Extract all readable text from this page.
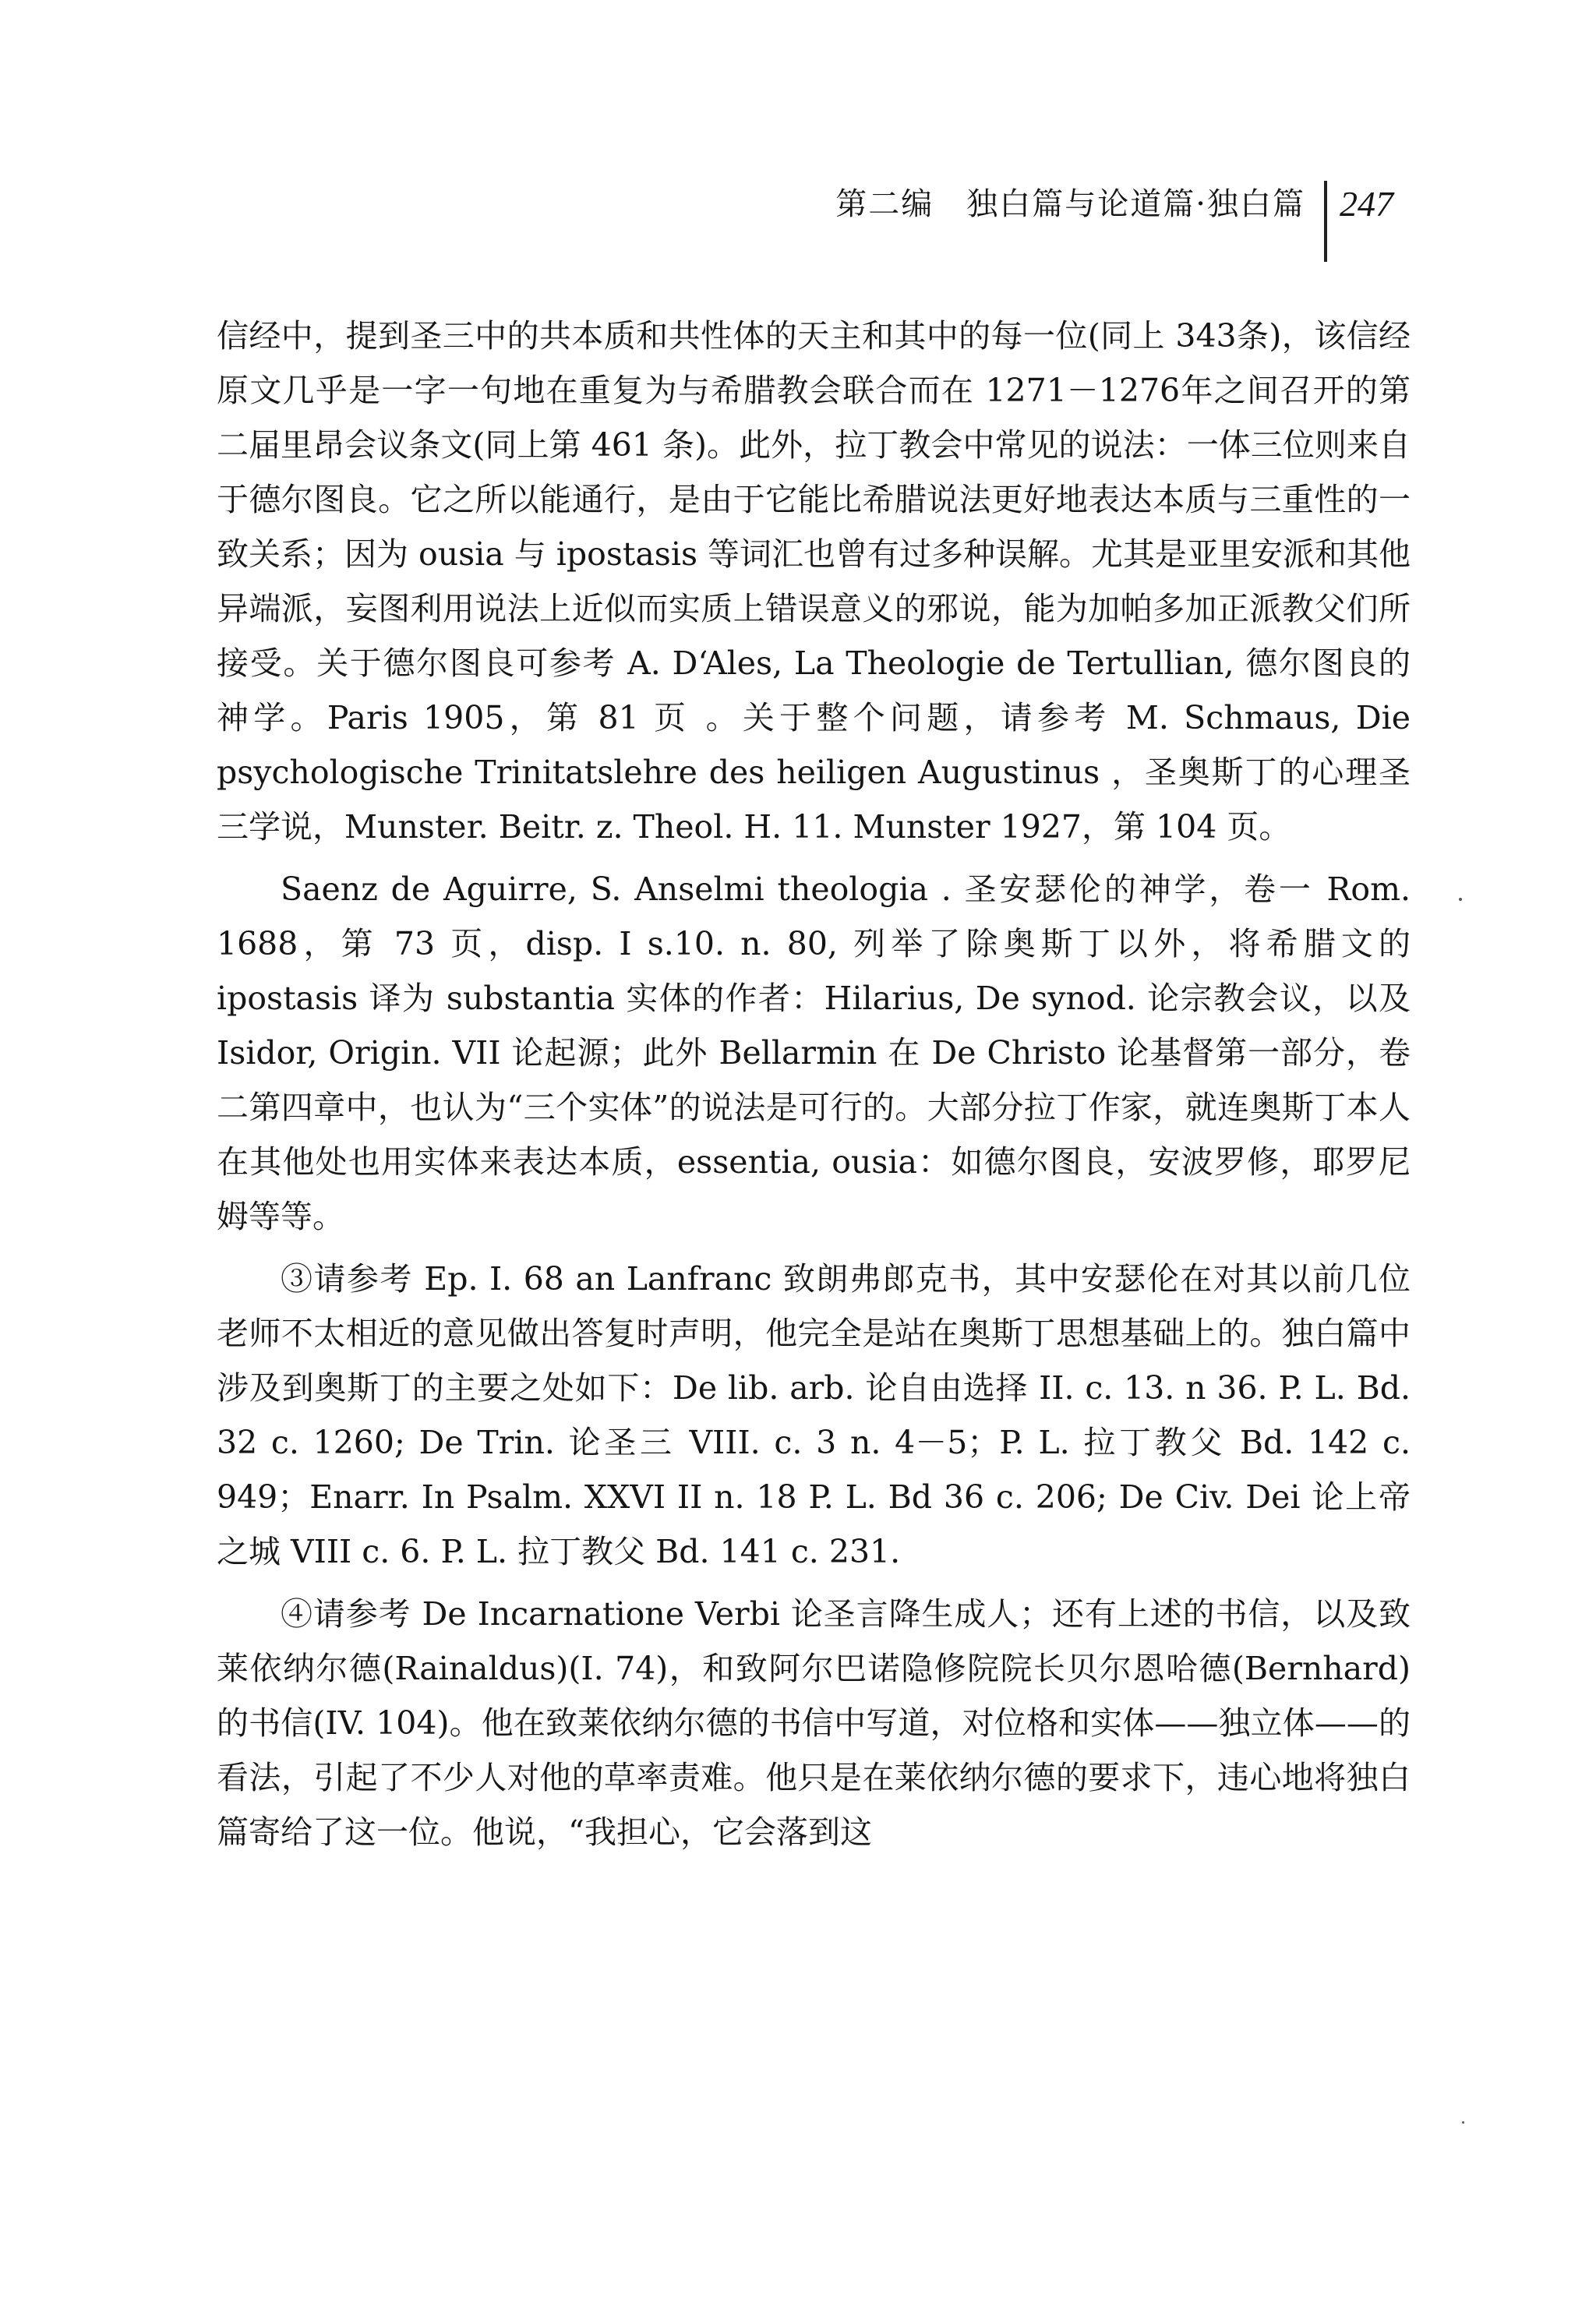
第二编　独白篇与论道篇·独白篇 247

信经中，提到圣三中的共本质和共性体的天主和其中的每一位(同上 343条)，该信经原文几乎是一字一句地在重复为与希腊教会联合而在 1271－1276年之间召开的第二届里昂会议条文(同上第 461 条)。此外，拉丁教会中常见的说法：一体三位则来自于德尔图良。它之所以能通行，是由于它能比希腊说法更好地表达本质与三重性的一致关系；因为 ousia 与 ipostasis 等词汇也曾有过多种误解。尤其是亚里安派和其他异端派，妄图利用说法上近似而实质上错误意义的邪说，能为加帕多加正派教父们所接受。关于德尔图良可参考 A. D‘Ales, La Theologie de Tertullian, 德尔图良的神学。Paris 1905，第 81 页 。关于整个问题，请参考 M. Schmaus, Die psychologische Trinitatslehre des heiligen Augustinus ，圣奥斯丁的心理圣三学说，Munster. Beitr. z. Theol. H. 11. Munster 1927，第 104 页。

Saenz de Aguirre, S. Anselmi theologia . 圣安瑟伦的神学，卷一 Rom. 1688，第 73 页，disp. I s.10. n. 80, 列举了除奥斯丁以外，将希腊文的 ipostasis 译为 substantia 实体的作者：Hilarius, De synod. 论宗教会议，以及 Isidor, Origin. VII 论起源；此外 Bellarmin 在 De Christo 论基督第一部分，卷二第四章中，也认为“三个实体”的说法是可行的。大部分拉丁作家，就连奥斯丁本人在其他处也用实体来表达本质，essentia, ousia：如德尔图良，安波罗修，耶罗尼姆等等。

③请参考 Ep. I. 68 an Lanfranc 致朗弗郎克书，其中安瑟伦在对其以前几位老师不太相近的意见做出答复时声明，他完全是站在奥斯丁思想基础上的。独白篇中涉及到奥斯丁的主要之处如下：De lib. arb. 论自由选择 II. c. 13. n 36. P. L. Bd. 32 c. 1260; De Trin. 论圣三 VIII. c. 3 n. 4－5；P. L. 拉丁教父 Bd. 142 c. 949；Enarr. In Psalm. XXVI II n. 18 P. L. Bd 36 c. 206; De Civ. Dei 论上帝之城 VIII c. 6. P. L. 拉丁教父 Bd. 141 c. 231.

④请参考 De Incarnatione Verbi 论圣言降生成人；还有上述的书信，以及致莱依纳尔德(Rainaldus)(I. 74)，和致阿尔巴诺隐修院院长贝尔恩哈德(Bernhard)的书信(IV. 104)。他在致莱依纳尔德的书信中写道，对位格和实体——独立体——的看法，引起了不少人对他的草率责难。他只是在莱依纳尔德的要求下，违心地将独白篇寄给了这一位。他说，“我担心，它会落到这
